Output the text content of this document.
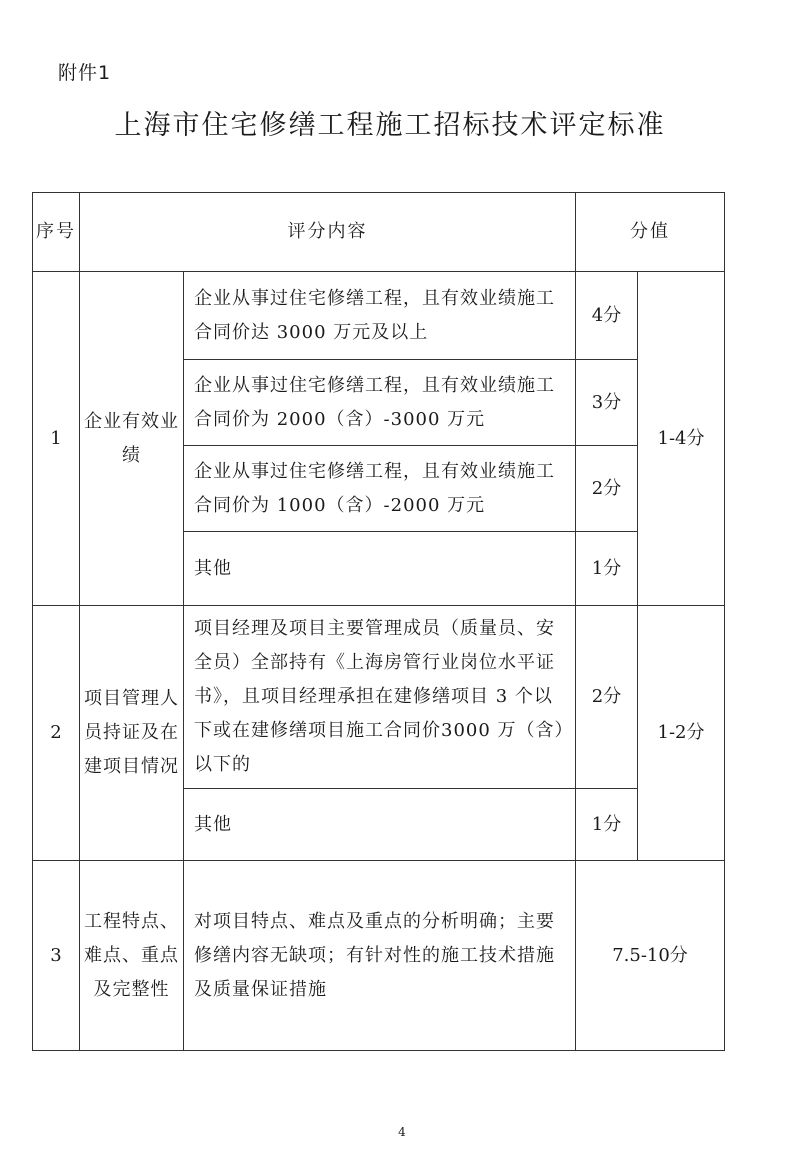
附件1
上海市住宅修缮工程施工招标技术评定标准
序号	评分内容		分值	
1	企业有效业绩	企业从事过住宅修缮工程，且有效业绩施工合同价达 3000 万元及以上	4分	1-4分
		企业从事过住宅修缮工程，且有效业绩施工合同价为 2000（含）-3000 万元	3分	
		企业从事过住宅修缮工程，且有效业绩施工合同价为 1000（含）-2000 万元	2分	
		其他	1分	
2	项目管理人员持证及在建项目情况	项目经理及项目主要管理成员（质量员、安全员）全部持有《上海房管行业岗位水平证书》，且项目经理承担在建修缮项目 3 个以下或在建修缮项目施工合同价3000 万（含）以下的	2分	1-2分
		其他	1分	
3	工程特点、难点、重点及完整性	对项目特点、难点及重点的分析明确；主要修缮内容无缺项；有针对性的施工技术措施及质量保证措施	7.5-10分	
4
